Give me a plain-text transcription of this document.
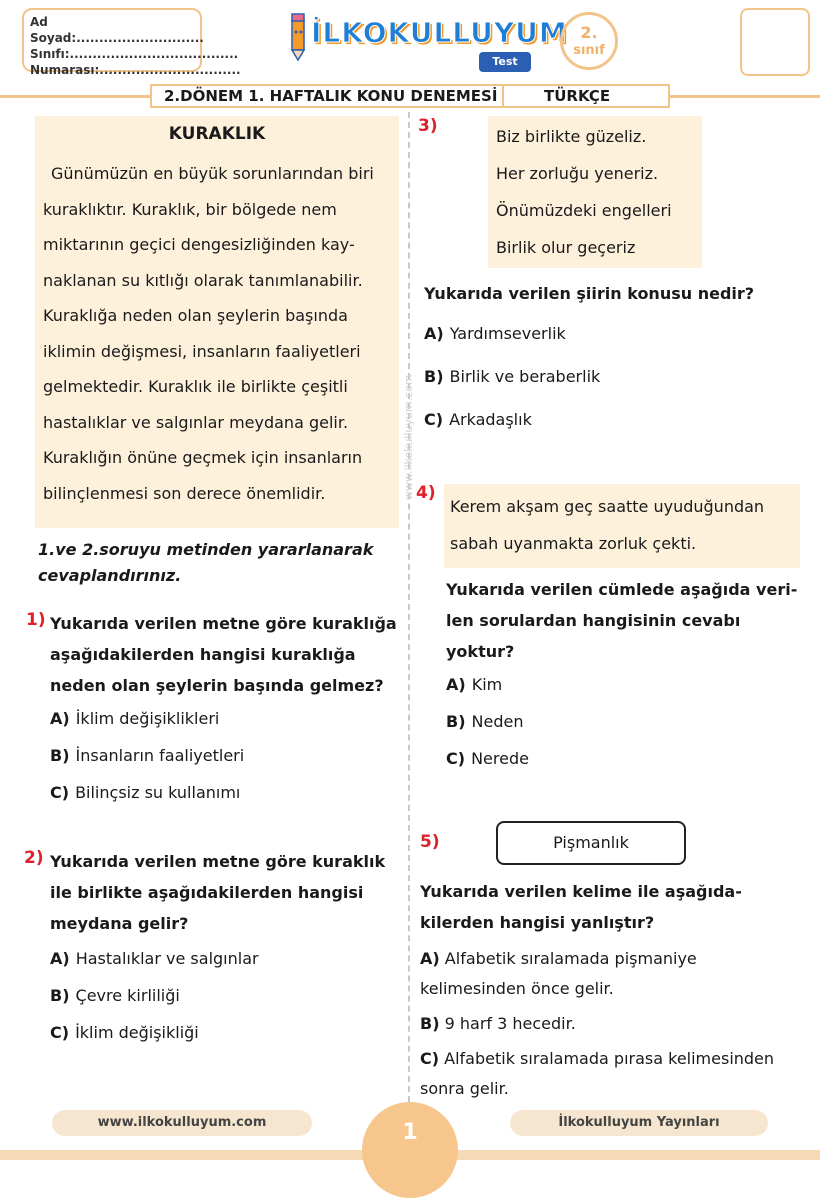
Ad Soyad:............................
Sınıfı:.....................................
Numarası:...............................
İLKOKULLUYUM
Test
2.
sınıf
2.DÖNEM 1. HAFTALIK KONU DENEMESİ	TÜRKÇE
www.ilkokulluyum.com
KURAKLIK
Günümüzün en büyük sorunlarından biri kuraklıktır. Kuraklık, bir bölgede nem miktarının geçici dengesizliğinden kay-naklanan su kıtlığı olarak tanımlanabilir. Kuraklığa neden olan şeylerin başında iklimin değişmesi, insanların faaliyetleri gelmektedir. Kuraklık ile birlikte çeşitli hastalıklar ve salgınlar meydana gelir. Kuraklığın önüne geçmek için insanların bilinçlenmesi son derece önemlidir.
1.ve 2.soruyu metinden yararlanarak cevaplandırınız.
1) Yukarıda verilen metne göre kuraklığa aşağıdakilerden hangisi kuraklığa neden olan şeylerin başında gelmez?
A) İklim değişiklikleri
B) İnsanların faaliyetleri
C) Bilinçsiz su kullanımı
2) Yukarıda verilen metne göre kuraklık ile birlikte aşağıdakilerden hangisi meydana gelir?
A) Hastalıklar ve salgınlar
B) Çevre kirliliği
C) İklim değişikliği
3)
Biz birlikte güzeliz.
Her zorluğu yeneriz.
Önümüzdeki engelleri
Birlik olur geçeriz
Yukarıda verilen şiirin konusu nedir?
A) Yardımseverlik
B) Birlik ve beraberlik
C) Arkadaşlık
4)
Kerem akşam geç saatte uyuduğundan sabah uyanmakta zorluk çekti.
Yukarıda verilen cümlede aşağıda veri-len sorulardan hangisinin cevabı yoktur?
A) Kim
B) Neden
C) Nerede
5)	Pişmanlık
Yukarıda verilen kelime ile aşağıda-kilerden hangisi yanlıştır?
A) Alfabetik sıralamada pişmaniye kelimesinden önce gelir.
B) 9 harf 3 hecedir.
C) Alfabetik sıralamada pırasa kelimesinden sonra gelir.
www.ilkokulluyum.com	1	İlkokulluyum Yayınları
